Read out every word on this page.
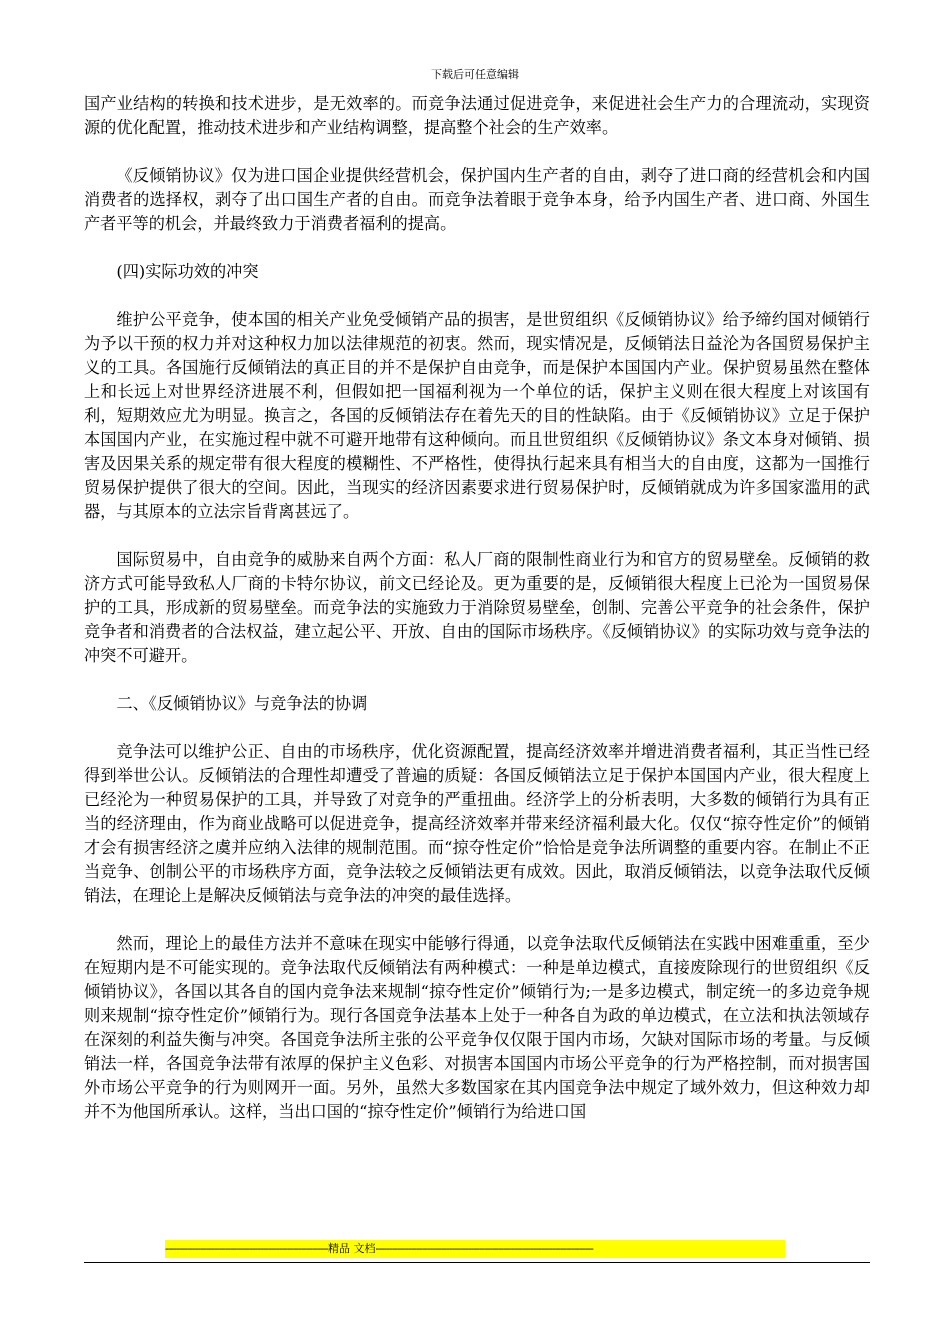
下载后可任意编辑

国产业结构的转换和技术进步，是无效率的。而竞争法通过促进竞争，来促进社会生产力的合理流动，实现资源的优化配置，推动技术进步和产业结构调整，提高整个社会的生产效率。

《反倾销协议》仅为进口国企业提供经营机会，保护国内生产者的自由，剥夺了进口商的经营机会和内国消费者的选择权，剥夺了出口国生产者的自由。而竞争法着眼于竞争本身，给予内国生产者、进口商、外国生产者平等的机会，并最终致力于消费者福利的提高。

(四)实际功效的冲突

维护公平竞争，使本国的相关产业免受倾销产品的损害，是世贸组织《反倾销协议》给予缔约国对倾销行为予以干预的权力并对这种权力加以法律规范的初衷。然而，现实情况是，反倾销法日益沦为各国贸易保护主义的工具。各国施行反倾销法的真正目的并不是保护自由竞争，而是保护本国国内产业。保护贸易虽然在整体上和长远上对世界经济进展不利，但假如把一国福利视为一个单位的话，保护主义则在很大程度上对该国有利，短期效应尤为明显。换言之，各国的反倾销法存在着先天的目的性缺陷。由于《反倾销协议》立足于保护本国国内产业，在实施过程中就不可避开地带有这种倾向。而且世贸组织《反倾销协议》条文本身对倾销、损害及因果关系的规定带有很大程度的模糊性、不严格性，使得执行起来具有相当大的自由度，这都为一国推行贸易保护提供了很大的空间。因此，当现实的经济因素要求进行贸易保护时，反倾销就成为许多国家滥用的武器，与其原本的立法宗旨背离甚远了。

国际贸易中，自由竞争的威胁来自两个方面：私人厂商的限制性商业行为和官方的贸易壁垒。反倾销的救济方式可能导致私人厂商的卡特尔协议，前文已经论及。更为重要的是，反倾销很大程度上已沦为一国贸易保护的工具，形成新的贸易壁垒。而竞争法的实施致力于消除贸易壁垒，创制、完善公平竞争的社会条件，保护竞争者和消费者的合法权益，建立起公平、开放、自由的国际市场秩序。《反倾销协议》的实际功效与竞争法的冲突不可避开。

二、《反倾销协议》与竞争法的协调

竞争法可以维护公正、自由的市场秩序，优化资源配置，提高经济效率并增进消费者福利，其正当性已经得到举世公认。反倾销法的合理性却遭受了普遍的质疑：各国反倾销法立足于保护本国国内产业，很大程度上已经沦为一种贸易保护的工具，并导致了对竞争的严重扭曲。经济学上的分析表明，大多数的倾销行为具有正当的经济理由，作为商业战略可以促进竞争，提高经济效率并带来经济福利最大化。仅仅“掠夺性定价”的倾销才会有损害经济之虞并应纳入法律的规制范围。而“掠夺性定价”恰恰是竞争法所调整的重要内容。在制止不正当竞争、创制公平的市场秩序方面，竞争法较之反倾销法更有成效。因此，取消反倾销法，以竞争法取代反倾销法，在理论上是解决反倾销法与竞争法的冲突的最佳选择。

然而，理论上的最佳方法并不意味在现实中能够行得通，以竞争法取代反倾销法在实践中困难重重，至少在短期内是不可能实现的。竞争法取代反倾销法有两种模式：一种是单边模式，直接废除现行的世贸组织《反倾销协议》，各国以其各自的国内竞争法来规制“掠夺性定价”倾销行为;一是多边模式，制定统一的多边竞争规则来规制“掠夺性定价”倾销行为。现行各国竞争法基本上处于一种各自为政的单边模式，在立法和执法领域存在深刻的利益失衡与冲突。各国竞争法所主张的公平竞争仅仅限于国内市场，欠缺对国际市场的考量。与反倾销法一样，各国竞争法带有浓厚的保护主义色彩、对损害本国国内市场公平竞争的行为严格控制，而对损害国外市场公平竞争的行为则网开一面。另外，虽然大多数国家在其内国竞争法中规定了域外效力，但这种效力却并不为他国所承认。这样，当出口国的“掠夺性定价”倾销行为给进口国

------------------------------------------------------------精品 文档--------------------------------------------------------------------------------
